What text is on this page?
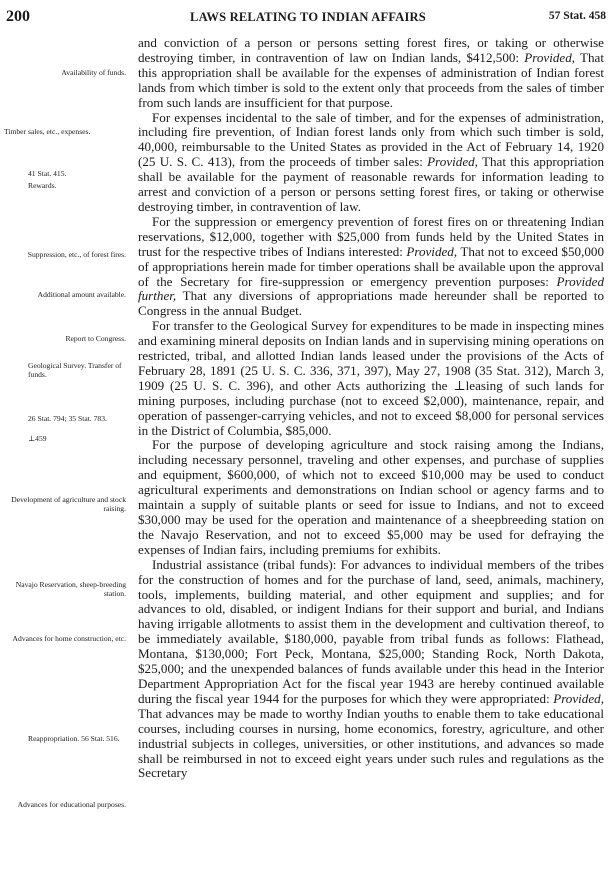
200	LAWS RELATING TO INDIAN AFFAIRS	57 Stat. 458
Availability of funds.
Timber sales, etc., expenses.
41 Stat. 415.
Rewards.
Suppression, etc., of forest fires.
Additional amount available.
Report to Congress.
Geological Survey. Transfer of funds.
26 Stat. 794; 35 Stat. 783.
⊥459
Development of agriculture and stock raising.
Navajo Reservation, sheep-breeding station.
Advances for home construction, etc.
Reappropriation. 56 Stat. 516.
Advances for educational purposes.

and conviction of a person or persons setting forest fires, or taking or otherwise destroying timber, in contravention of law on Indian lands, $412,500: Provided, That this appropriation shall be available for the expenses of administration of Indian forest lands from which timber is sold to the extent only that proceeds from the sales of timber from such lands are insufficient for that purpose.

For expenses incidental to the sale of timber, and for the expenses of administration, including fire prevention, of Indian forest lands only from which such timber is sold, 40,000, reimbursable to the United States as provided in the Act of February 14, 1920 (25 U. S. C. 413), from the proceeds of timber sales: Provided, That this appropriation shall be available for the payment of reasonable rewards for information leading to arrest and conviction of a person or persons setting forest fires, or taking or otherwise destroying timber, in contravention of law.

For the suppression or emergency prevention of forest fires on or threatening Indian reservations, $12,000, together with $25,000 from funds held by the United States in trust for the respective tribes of Indians interested: Provided, That not to exceed $50,000 of appropriations herein made for timber operations shall be available upon the approval of the Secretary for fire-suppression or emergency prevention purposes: Provided further, That any diversions of appropriations made hereunder shall be reported to Congress in the annual Budget.

For transfer to the Geological Survey for expenditures to be made in inspecting mines and examining mineral deposits on Indian lands and in supervising mining operations on restricted, tribal, and allotted Indian lands leased under the provisions of the Acts of February 28, 1891 (25 U. S. C. 336, 371, 397), May 27, 1908 (35 Stat. 312), March 3, 1909 (25 U. S. C. 396), and other Acts authorizing the ⊥leasing of such lands for mining purposes, including purchase (not to exceed $2,000), maintenance, repair, and operation of passenger-carrying vehicles, and not to exceed $8,000 for personal services in the District of Columbia, $85,000.

For the purpose of developing agriculture and stock raising among the Indians, including necessary personnel, traveling and other expenses, and purchase of supplies and equipment, $600,000, of which not to exceed $10,000 may be used to conduct agricultural experiments and demonstrations on Indian school or agency farms and to maintain a supply of suitable plants or seed for issue to Indians, and not to exceed $30,000 may be used for the operation and maintenance of a sheepbreeding station on the Navajo Reservation, and not to exceed $5,000 may be used for defraying the expenses of Indian fairs, including premiums for exhibits.

Industrial assistance (tribal funds): For advances to individual members of the tribes for the construction of homes and for the purchase of land, seed, animals, machinery, tools, implements, building material, and other equipment and supplies; and for advances to old, disabled, or indigent Indians for their support and burial, and Indians having irrigable allotments to assist them in the development and cultivation thereof, to be immediately available, $180,000, payable from tribal funds as follows: Flathead, Montana, $130,000; Fort Peck, Montana, $25,000; Standing Rock, North Dakota, $25,000; and the unexpended balances of funds available under this head in the Interior Department Appropriation Act for the fiscal year 1943 are hereby continued available during the fiscal year 1944 for the purposes for which they were appropriated: Provided, That advances may be made to worthy Indian youths to enable them to take educational courses, including courses in nursing, home economics, forestry, agriculture, and other industrial subjects in colleges, universities, or other institutions, and advances so made shall be reimbursed in not to exceed eight years under such rules and regulations as the Secretary
